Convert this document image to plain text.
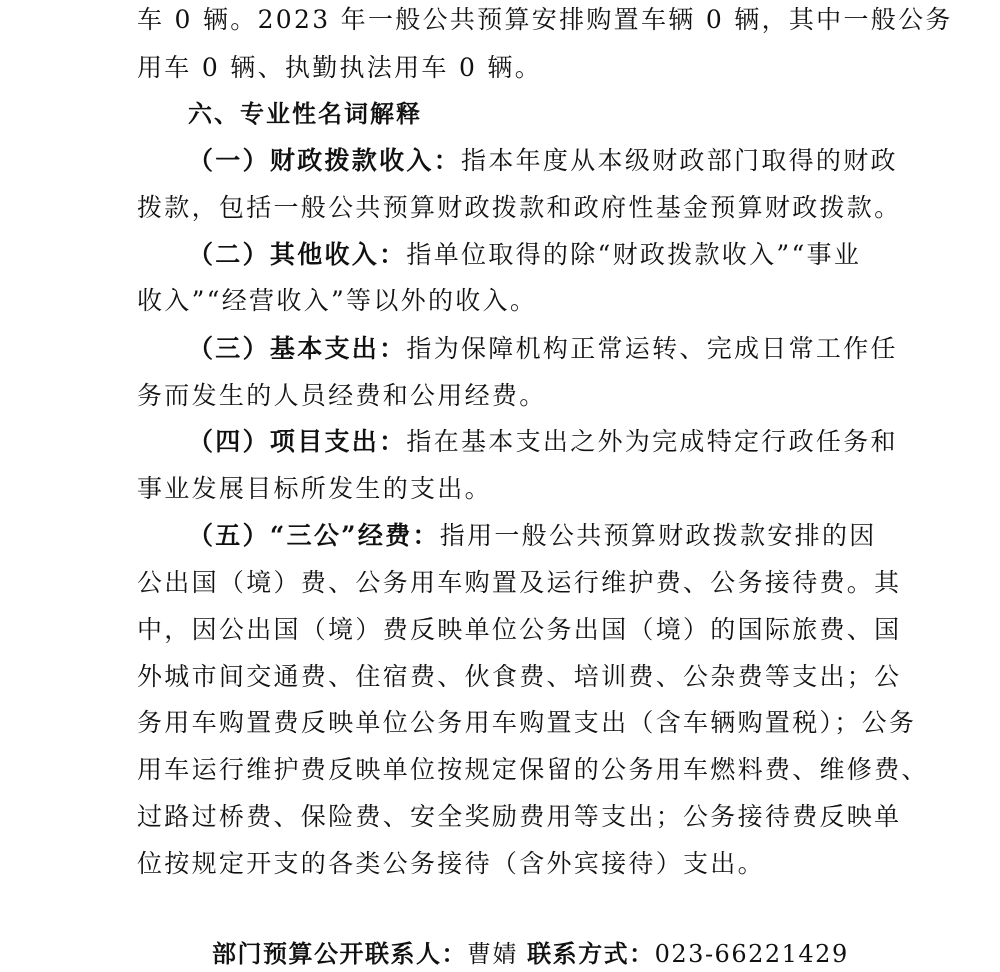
车 0 辆。2023 年一般公共预算安排购置车辆 0 辆，其中一般公务
用车 0 辆、执勤执法用车 0 辆。
六、专业性名词解释
（一）财政拨款收入：指本年度从本级财政部门取得的财政
拨款，包括一般公共预算财政拨款和政府性基金预算财政拨款。
（二）其他收入：指单位取得的除“财政拨款收入”“事业
收入”“经营收入”等以外的收入。
（三）基本支出：指为保障机构正常运转、完成日常工作任
务而发生的人员经费和公用经费。
（四）项目支出：指在基本支出之外为完成特定行政任务和
事业发展目标所发生的支出。
（五）“三公”经费：指用一般公共预算财政拨款安排的因
公出国（境）费、公务用车购置及运行维护费、公务接待费。其
中，因公出国（境）费反映单位公务出国（境）的国际旅费、国
外城市间交通费、住宿费、伙食费、培训费、公杂费等支出；公
务用车购置费反映单位公务用车购置支出（含车辆购置税）；公务
用车运行维护费反映单位按规定保留的公务用车燃料费、维修费、
过路过桥费、保险费、安全奖励费用等支出；公务接待费反映单
位按规定开支的各类公务接待（含外宾接待）支出。
部门预算公开联系人：曹婧 联系方式：023-66221429
